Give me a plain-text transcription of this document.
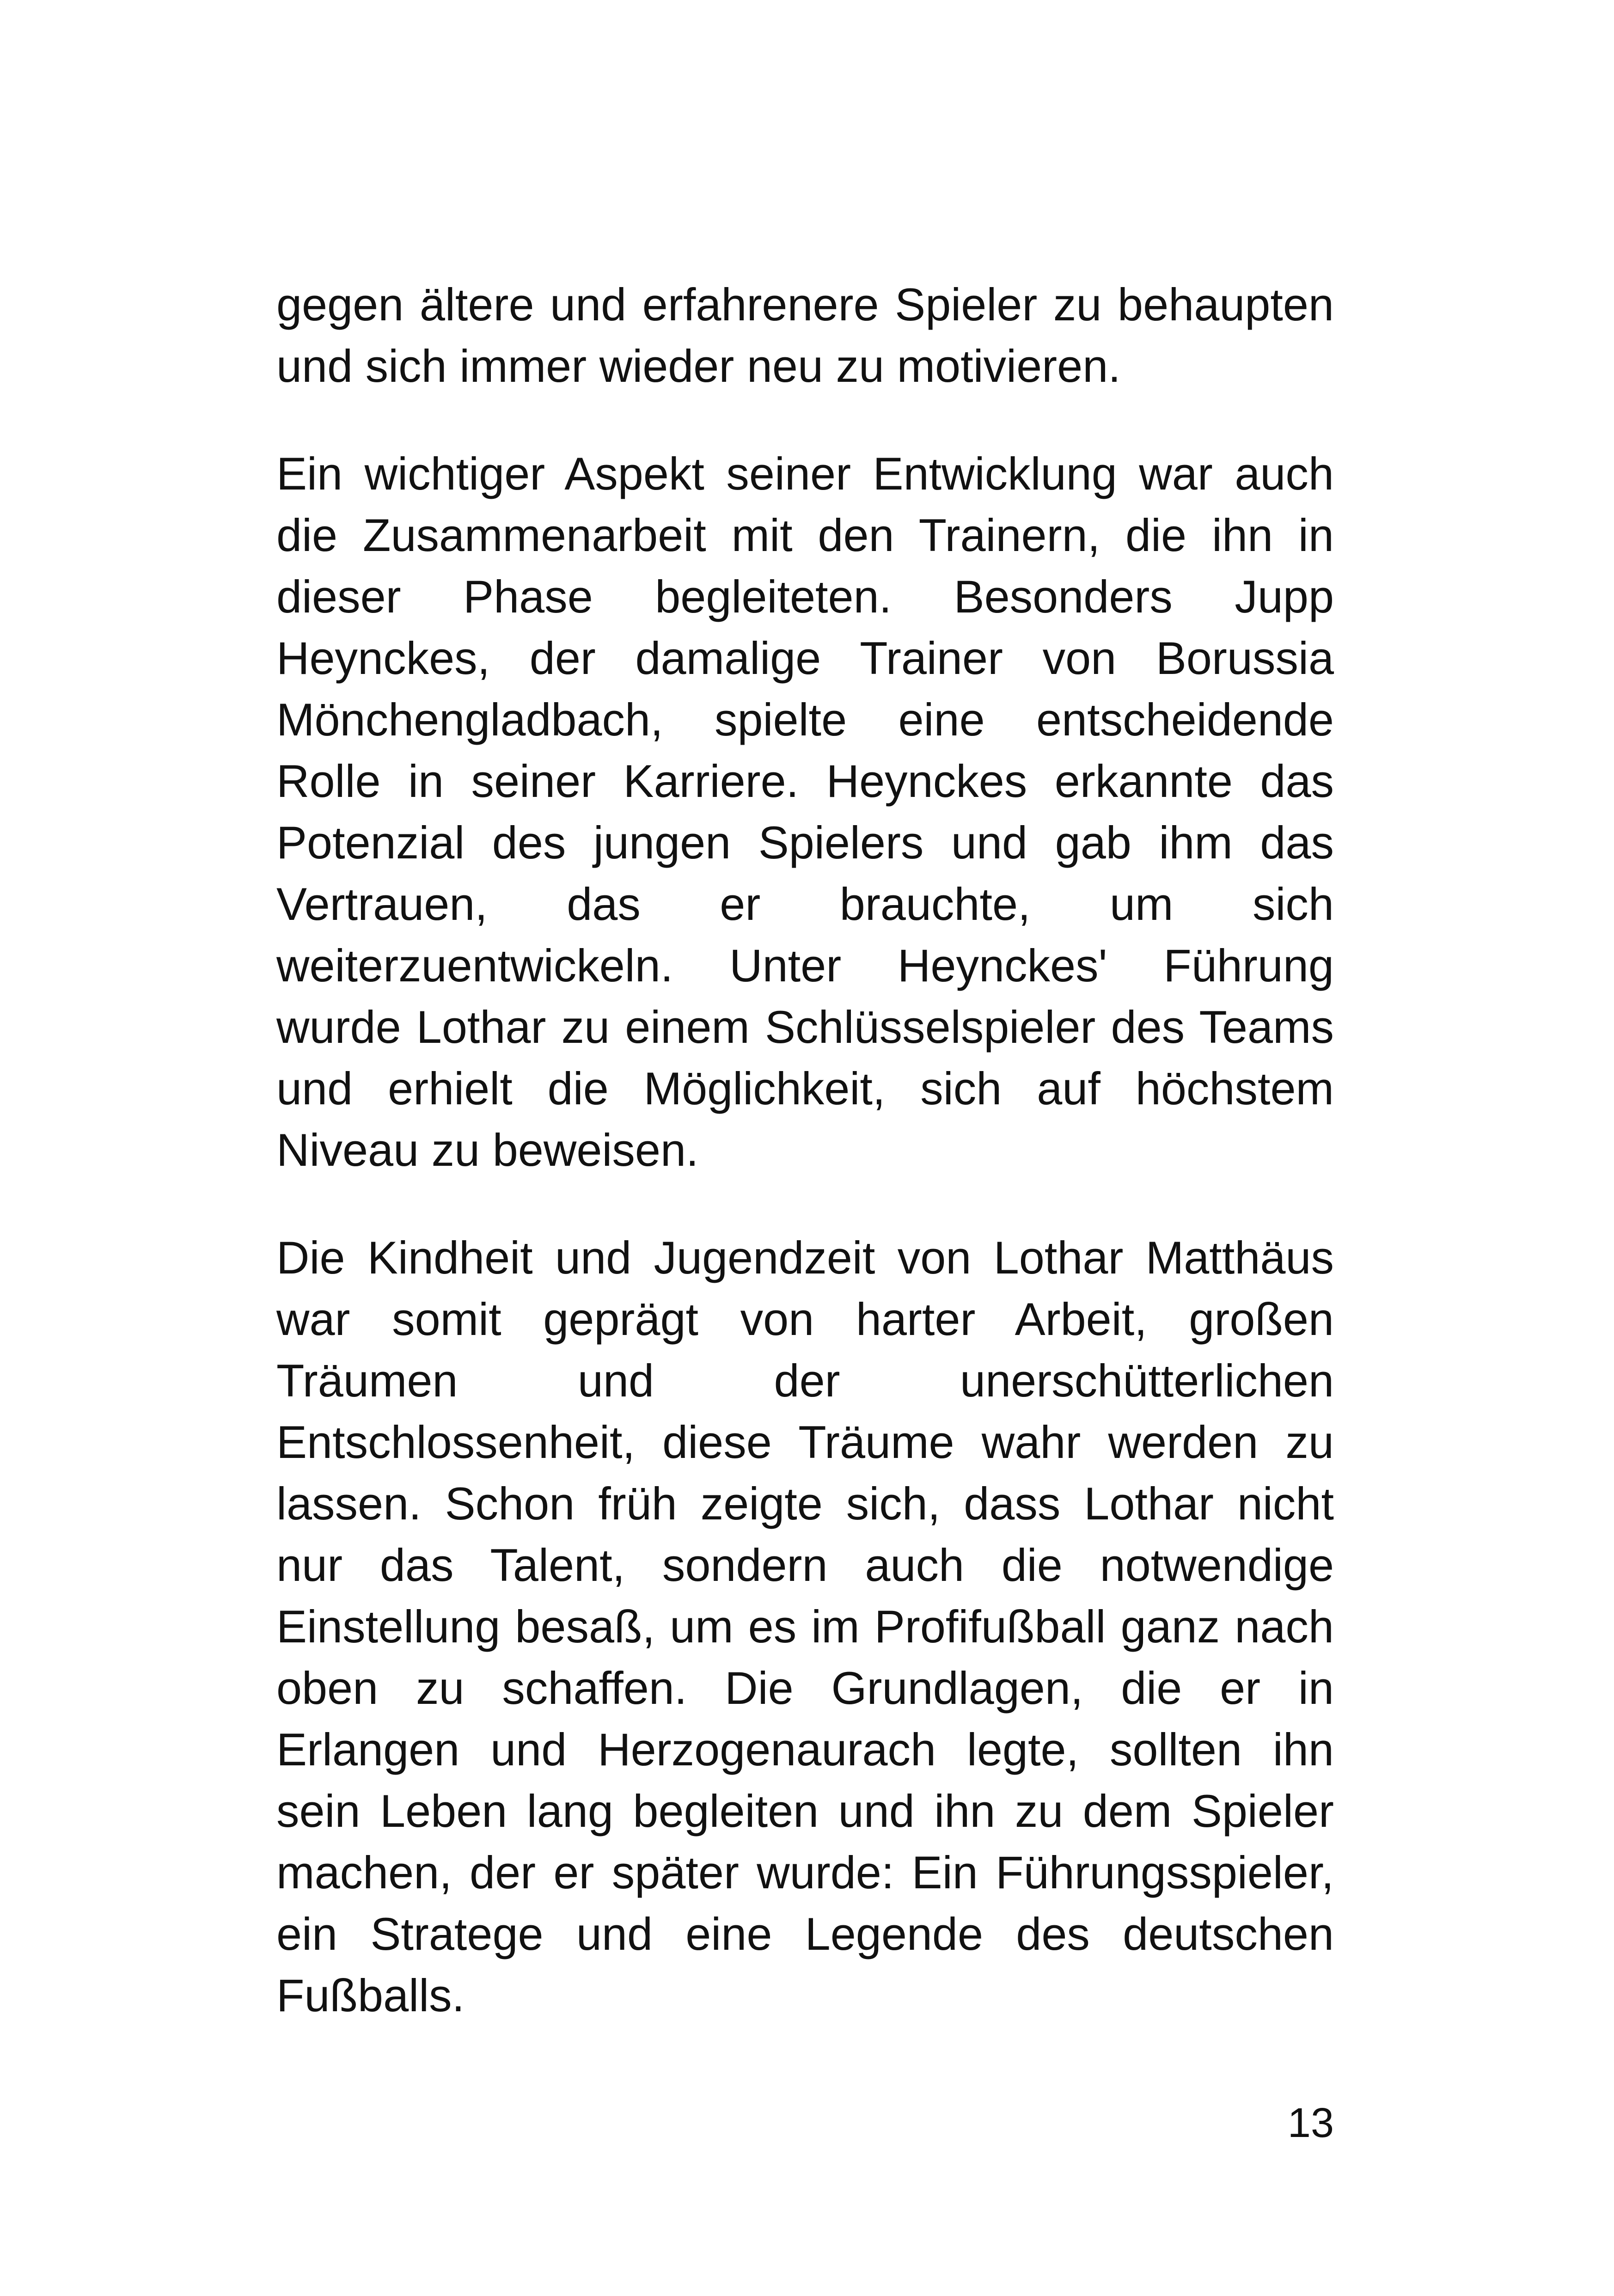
gegen ältere und erfahrenere Spieler zu behaupten und sich immer wieder neu zu motivieren.

Ein wichtiger Aspekt seiner Entwicklung war auch die Zusammenarbeit mit den Trainern, die ihn in dieser Phase begleiteten. Besonders Jupp Heynckes, der damalige Trainer von Borussia Mönchengladbach, spielte eine entscheidende Rolle in seiner Karriere. Heynckes erkannte das Potenzial des jungen Spielers und gab ihm das Vertrauen, das er brauchte, um sich weiterzuentwickeln. Unter Heynckes' Führung wurde Lothar zu einem Schlüsselspieler des Teams und erhielt die Möglichkeit, sich auf höchstem Niveau zu beweisen.

Die Kindheit und Jugendzeit von Lothar Matthäus war somit geprägt von harter Arbeit, großen Träumen und der unerschütterlichen Entschlossenheit, diese Träume wahr werden zu lassen. Schon früh zeigte sich, dass Lothar nicht nur das Talent, sondern auch die notwendige Einstellung besaß, um es im Profifußball ganz nach oben zu schaffen. Die Grundlagen, die er in Erlangen und Herzogenaurach legte, sollten ihn sein Leben lang begleiten und ihn zu dem Spieler machen, der er später wurde: Ein Führungsspieler, ein Stratege und eine Legende des deutschen Fußballs.

13
